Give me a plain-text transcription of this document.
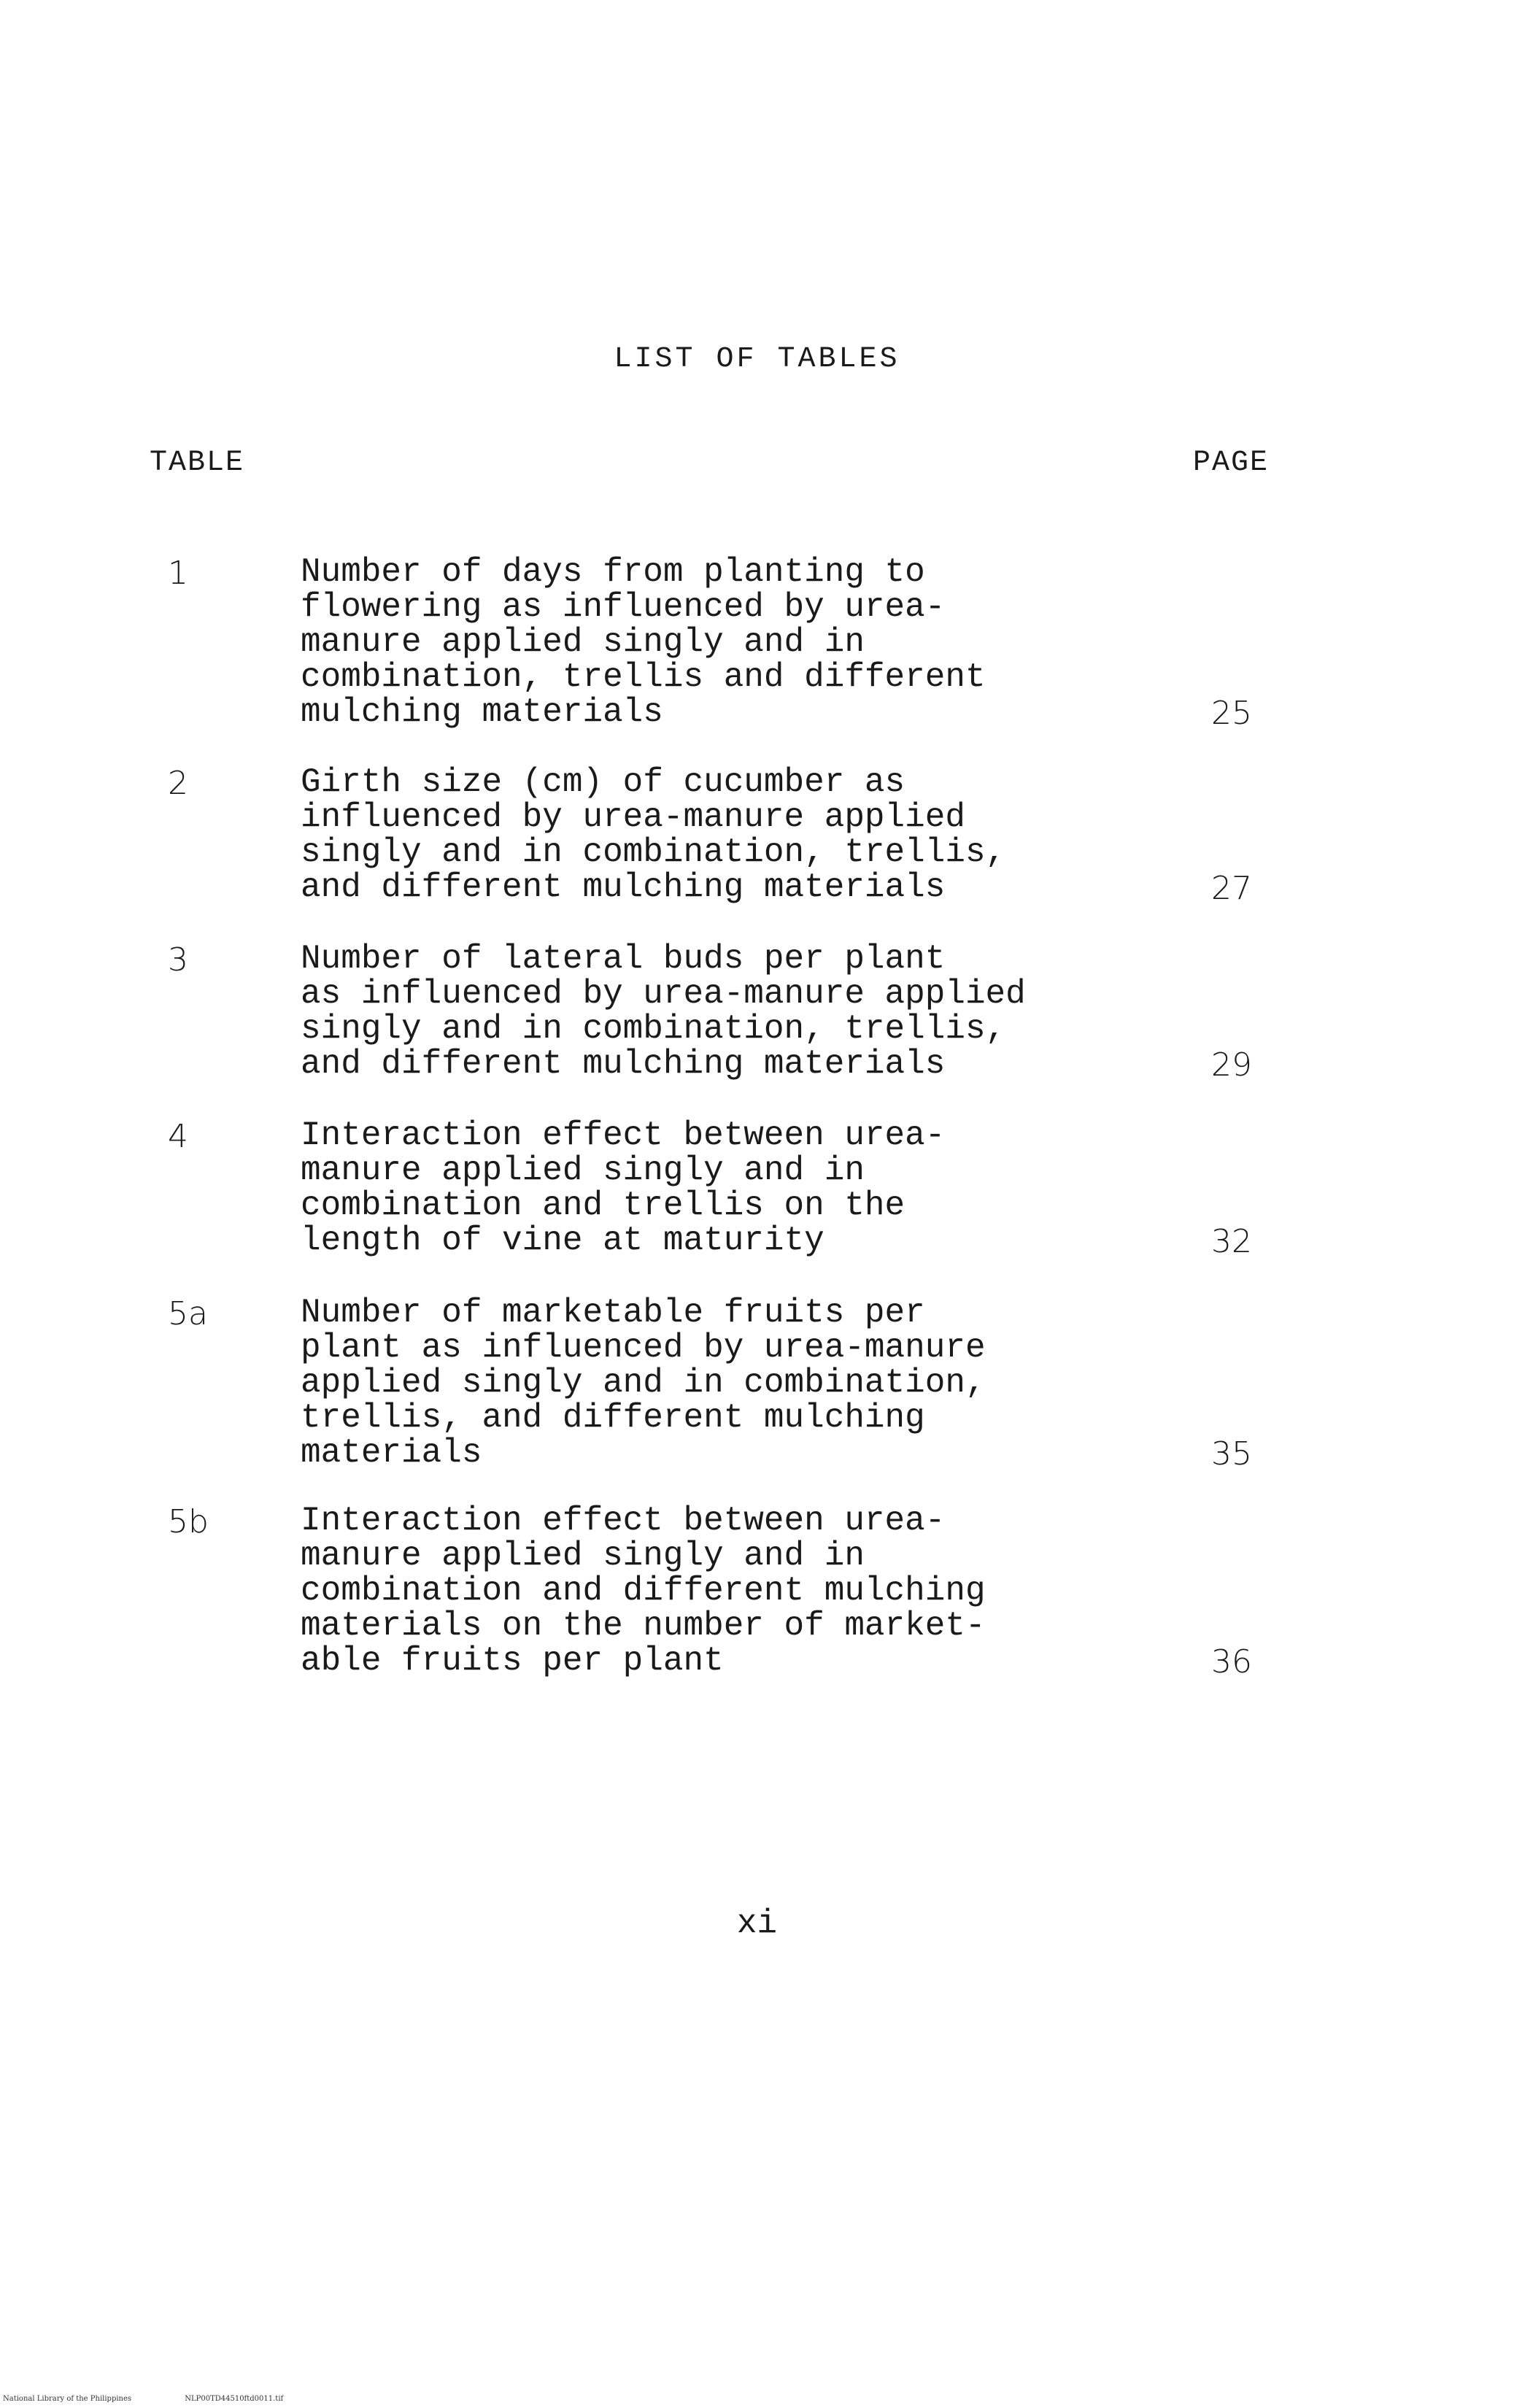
LIST OF TABLES
TABLE	PAGE
1	Number of days from planting to
flowering as influenced by urea-
manure applied singly and in
combination, trellis and different
mulching materials	25
2	Girth size (cm) of cucumber as
influenced by urea-manure applied
singly and in combination, trellis,
and different mulching materials	27
3	Number of lateral buds per plant
as influenced by urea-manure applied
singly and in combination, trellis,
and different mulching materials	29
4	Interaction effect between urea-
manure applied singly and in
combination and trellis on the
length of vine at maturity	32
5a	Number of marketable fruits per
plant as influenced by urea-manure
applied singly and in combination,
trellis, and different mulching
materials	35
5b	Interaction effect between urea-
manure applied singly and in
combination and different mulching
materials on the number of market-
able fruits per plant	36
xi
National Library of the Philippines	NLP00TD44510ftd0011.tif
